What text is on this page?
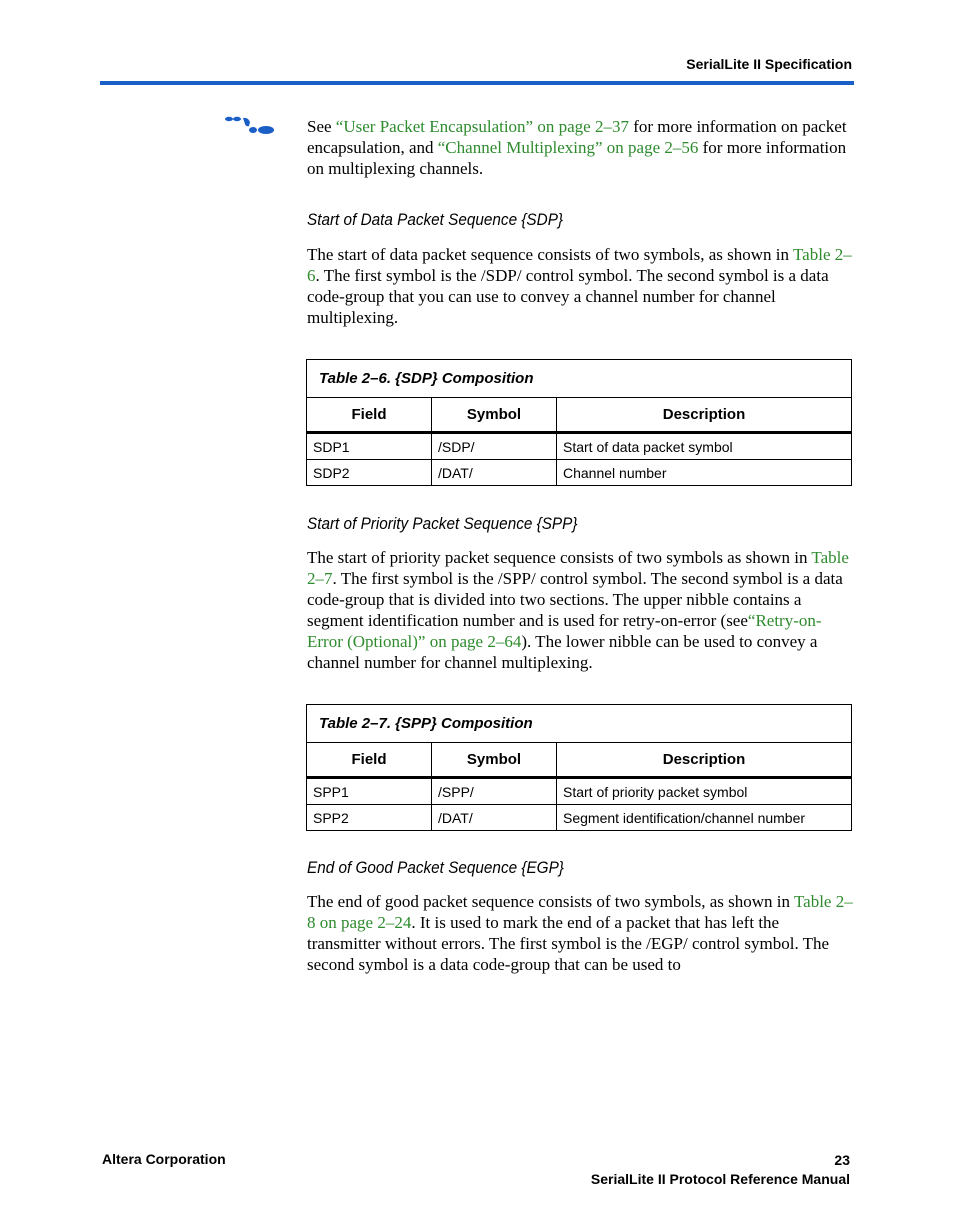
SerialLite II Specification
See “User Packet Encapsulation” on page 2–37 for more information on packet encapsulation, and “Channel Multiplexing” on page 2–56 for more information on multiplexing channels.
Start of Data Packet Sequence {SDP}
The start of data packet sequence consists of two symbols, as shown in Table 2–6. The first symbol is the /SDP/ control symbol. The second symbol is a data code-group that you can use to convey a channel number for channel multiplexing.
Table 2–6. {SDP} Composition		
Field	Symbol	Description
SDP1	/SDP/	Start of data packet symbol
SDP2	/DAT/	Channel number
Start of Priority Packet Sequence {SPP}
The start of priority packet sequence consists of two symbols as shown in Table 2–7. The first symbol is the /SPP/ control symbol. The second symbol is a data code-group that is divided into two sections. The upper nibble contains a segment identification number and is used for retry-on-error (see“Retry-on-Error (Optional)” on page 2–64). The lower nibble can be used to convey a channel number for channel multiplexing.
Table 2–7. {SPP} Composition		
Field	Symbol	Description
SPP1	/SPP/	Start of priority packet symbol
SPP2	/DAT/	Segment identification/channel number
End of Good Packet Sequence {EGP}
The end of good packet sequence consists of two symbols, as shown in Table 2–8 on page 2–24. It is used to mark the end of a packet that has left the transmitter without errors. The first symbol is the /EGP/ control symbol. The second symbol is a data code-group that can be used to
Altera Corporation	23
SerialLite II Protocol Reference Manual
